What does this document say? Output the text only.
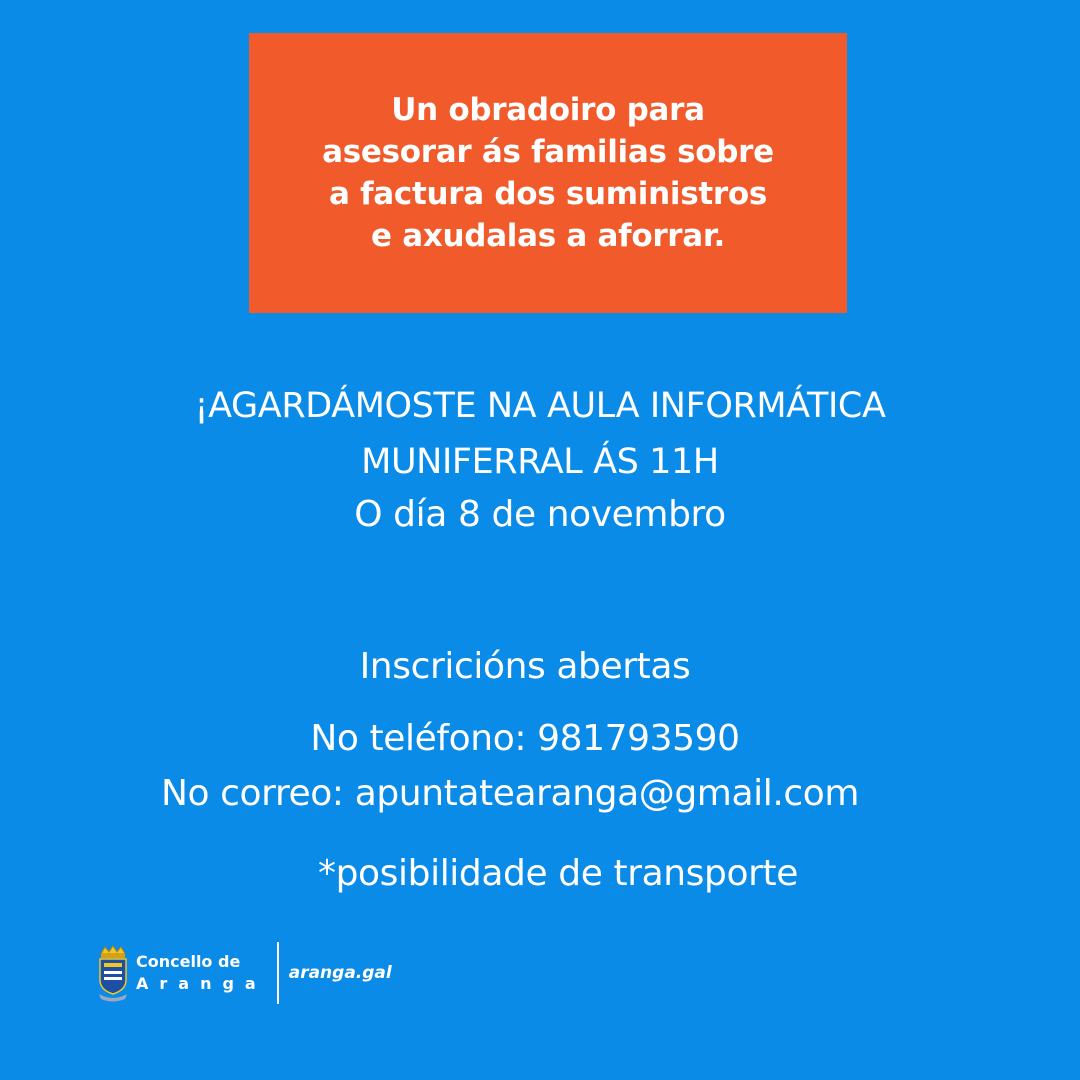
Un obradoiro para
asesorar ás familias sobre
a factura dos suministros
e axudalas a aforrar.
¡AGARDÁMOSTE NA AULA INFORMÁTICA
MUNIFERRAL ÁS 11H
O día 8 de novembro
Inscricións abertas
No teléfono: 981793590
No correo: apuntatearanga@gmail.com
*posibilidade de transporte
Concello de
Aranga
aranga.gal
